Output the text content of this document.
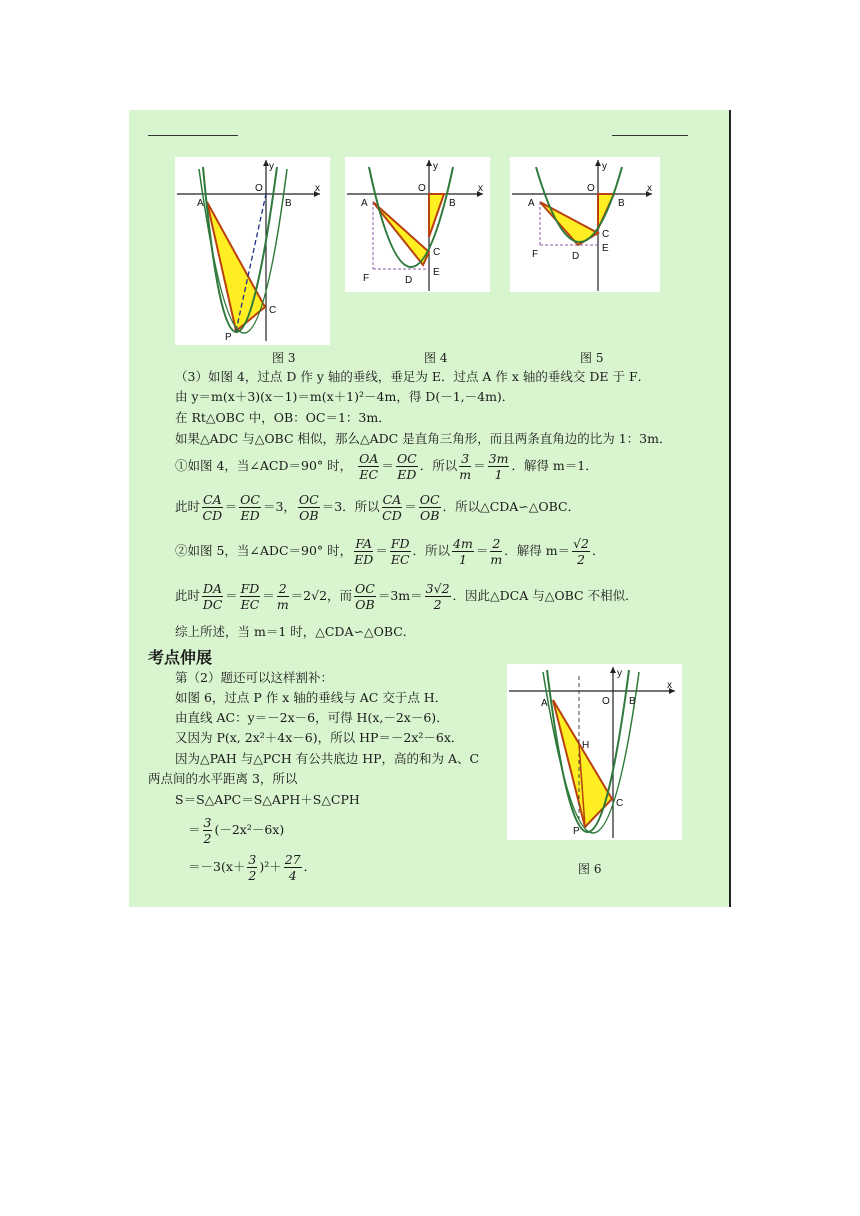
y
O	x
A	B
C
P
图 3
y
O	x
A	B
C
E
F	D
图 4
y
O	x
A	B
C
E
F	D
图 5
（3）如图 4，过点 D 作 y 轴的垂线，垂足为 E．过点 A 作 x 轴的垂线交 DE 于 F．
由 y＝m(x＋3)(x－1)＝m(x＋1)²－4m，得 D(－1,－4m)．
在 Rt△OBC 中，OB：OC＝1：3m．
如果△ADC 与△OBC 相似，那么△ADC 是直角三角形，而且两条直角边的比为 1：3m．
①如图 4，当∠ACD＝90° 时， $\frac{OA}{EC} = \frac{OC}{ED}$ ．所以 $\frac{3}{m} = \frac{3m}{1}$ ．解得 m＝1．
此时 $\frac{CA}{CD} = \frac{OC}{ED} =3$， $\frac{OC}{OB} =3$．所以 $\frac{CA}{CD} = \frac{OC}{OB}$ ．所以△CDA∽△OBC．
②如图 5，当∠ADC＝90° 时， $\frac{FA}{ED} = \frac{FD}{EC}$ ．所以 $\frac{4m}{1} = \frac{2}{m}$ ．解得 $m= \frac{√2}{2}$ ．
此时 $\frac{DA}{DC} = \frac{FD}{EC} = \frac{2}{m} =2√2$，而 $\frac{OC}{OB} =3m= \frac{3√2}{2}$ ．因此△DCA 与△OBC 不相似．
综上所述，当 m＝1 时，△CDA∽△OBC．
考点伸展
第（2）题还可以这样割补：
如图 6，过点 P 作 x 轴的垂线与 AC 交于点 H．
由直线 AC：y＝－2x－6，可得 H(x,－2x－6)．
又因为 P(x, 2x²＋4x－6)，所以 HP＝－2x²－6x．
因为△PAH 与△PCH 有公共底边 HP，高的和为 A、C
两点间的水平距离 3，所以
S＝S△APC＝S△APH＋S△CPH
＝ $\frac{3}{2} (-2x^2-6x)$
$=-3(x+ \frac{3}{2} )^2+ \frac{27}{4}$ ．
y
O
x
A	B
H
C
P
图 6
